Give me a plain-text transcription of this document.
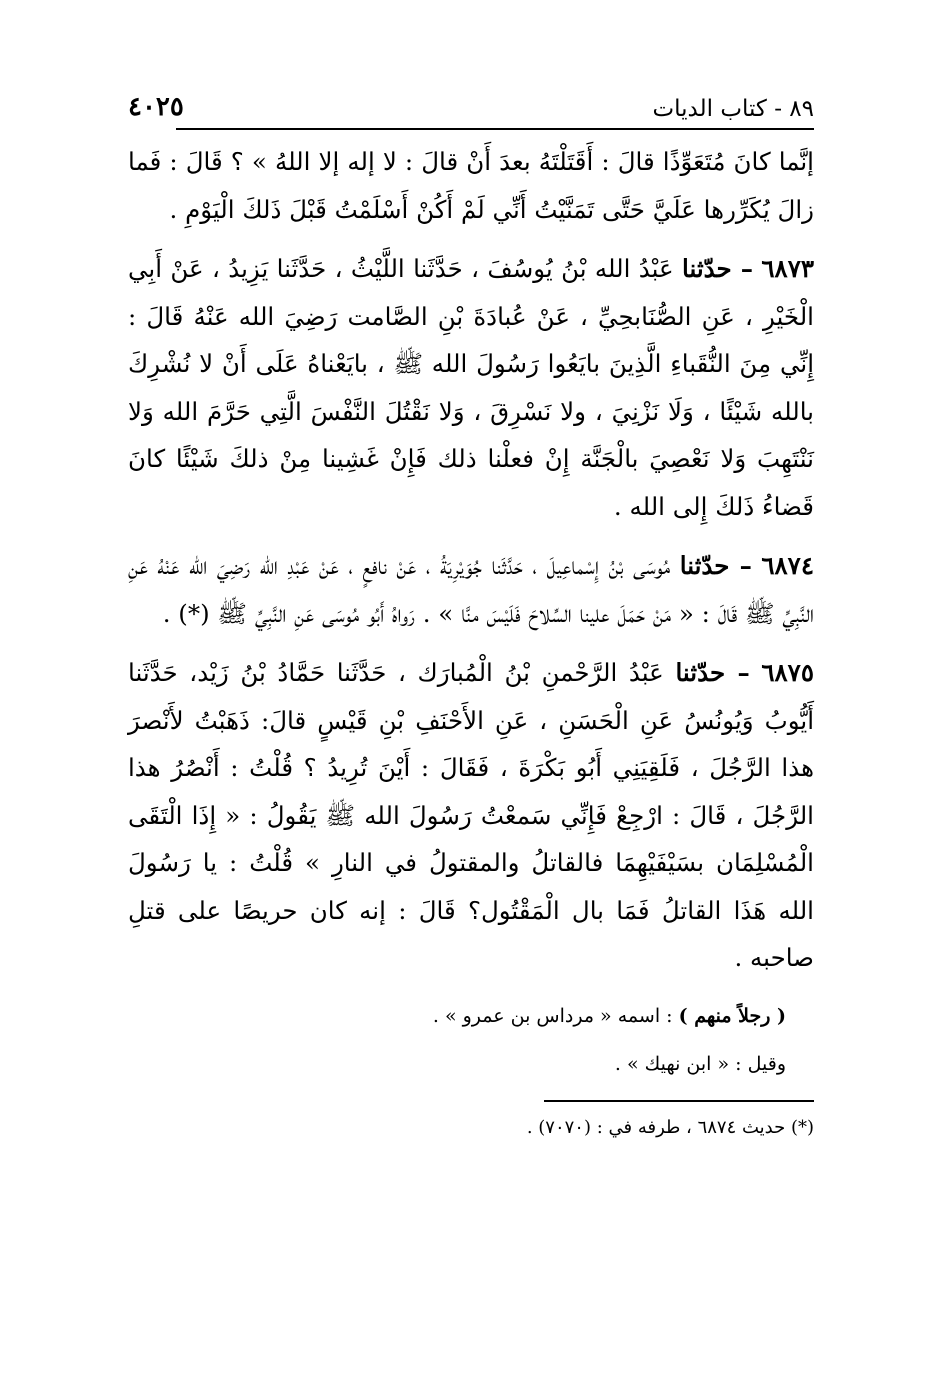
٨٩ - كتاب الديات
٤٠٢٥

إنَّما كانَ مُتَعَوِّذًا قالَ : أَقَتَلْتَهُ بعدَ أَنْ قالَ : لا إله إلا اللهُ » ؟ قَالَ : فَما زالَ يُكَرِّرها عَلَيَّ حَتَّى تَمَنَّيْتُ أَنِّي لَمْ أَكُنْ أَسْلَمْتُ قَبْلَ ذَلكَ الْيَوْمِ .

٦٨٧٣ – حدّثنا عَبْدُ الله بْنُ يُوسُفَ ، حَدَّثَنا اللَّيْثُ ، حَدَّثَنا يَزِيدُ ، عَنْ أَبِي الْخَيْرِ ، عَنِ الصُّنَابحِيِّ ، عَنْ عُبادَةَ بْنِ الصَّامت رَضِيَ الله عَنْهُ قَالَ : إِنِّي مِنَ النُّقَباءِ الَّذِينَ بايَعُوا رَسُولَ الله ﷺ ، بايَعْناهُ عَلَى أَنْ لا نُشْرِكَ بالله شَيْئًا ، وَلَا نَزْنِيَ ، ولا نَسْرِقَ ، وَلا نَقْتُلَ النَّفْسَ الَّتِي حَرَّمَ الله وَلا نَنْتَهِبَ وَلا نَعْصِيَ بالْجَنَّة إِنْ فعلْنا ذلك فَإِنْ غَشِينا مِنْ ذلكَ شَيْئًا كانَ قَضاءُ ذَلكَ إِلى الله .

٦٨٧٤ – حدّثنا مُوسَى بْنُ إِسْماعِيلَ ، حَدَّثَنا جُوَيْرِيَةُ ، عَنْ نافعٍ ، عَنْ عَبْدِ الله رَضِيَ الله عَنْهُ عَنِ النَّبِيِّ ﷺ قَالَ : « مَنْ حَمَلَ علينا السِّلاحَ فَلَيْسَ منَّا » . رَواهُ أَبُو مُوسَى عَنِ النَّبِيِّ ﷺ (*) .

٦٨٧٥ – حدّثنا عَبْدُ الرَّحْمنِ بْنُ الْمُبارَك ، حَدَّثَنا حَمَّادُ بْنُ زَيْد، حَدَّثَنا أَيُّوبُ وَيُونُسُ عَنِ الْحَسَنِ ، عَنِ الأَحْنَفِ بْنِ قَيْسٍ قالَ: ذَهَبْتُ لأَنْصرَ هذا الرَّجُلَ ، فَلَقِيَنِي أَبُو بَكْرَةَ ، فَقَالَ : أَيْنَ تُرِيدُ ؟ قُلْتُ : أَنْصُرُ هذا الرَّجُلَ ، قَالَ : ارْجِعْ فَإِنِّي سَمعْتُ رَسُولَ الله ﷺ يَقُولُ : « إِذَا الْتَقَى الْمُسْلِمَان بسَيْفَيْهِمَا فالقاتلُ والمقتولُ في النارِ » قُلْتُ : يا رَسُولَ الله هَذَا القاتلُ فَمَا بال الْمَقْتُول؟ قَالَ : إنه كان حريصًا على قتلِ صاحبه .

( رجلاً منهم ) : اسمه « مرداس بن عمرو » .
وقيل : « ابن نهيك » .
(*) حديث ٦٨٧٤ ، طرفه في : (٧٠٧٠) .
